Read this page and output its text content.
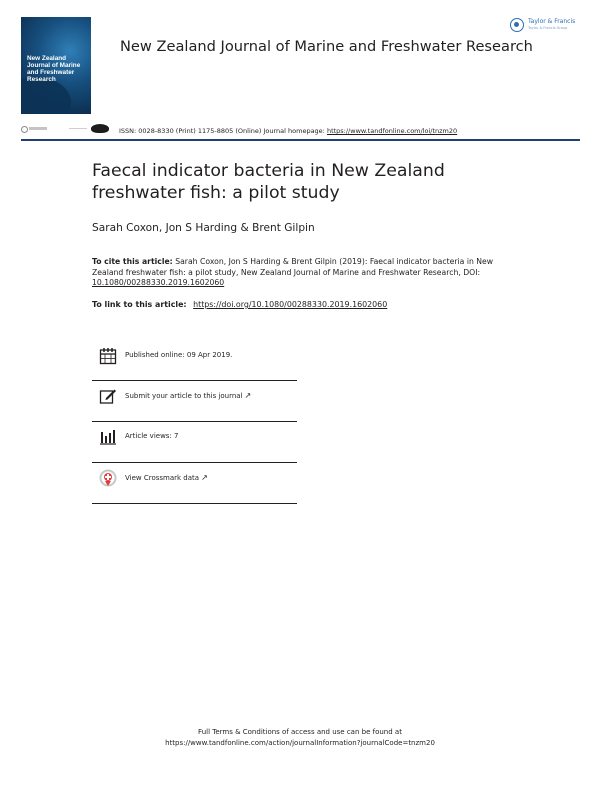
New Zealand Journal of Marine and Freshwater Research
New Zealand Journal of Marine and Freshwater Research
Taylor & Francis
Taylor & Francis Group
ISSN: 0028-8330 (Print) 1175-8805 (Online) Journal homepage: https://www.tandfonline.com/loi/tnzm20
Faecal indicator bacteria in New Zealand freshwater fish: a pilot study
Sarah Coxon, Jon S Harding & Brent Gilpin
To cite this article: Sarah Coxon, Jon S Harding & Brent Gilpin (2019): Faecal indicator bacteria in New Zealand freshwater fish: a pilot study, New Zealand Journal of Marine and Freshwater Research, DOI: 10.1080/00288330.2019.1602060
To link to this article: https://doi.org/10.1080/00288330.2019.1602060
Published online: 09 Apr 2019.
Submit your article to this journal ↗
Article views: 7
View Crossmark data ↗
Full Terms & Conditions of access and use can be found at
https://www.tandfonline.com/action/journalInformation?journalCode=tnzm20
